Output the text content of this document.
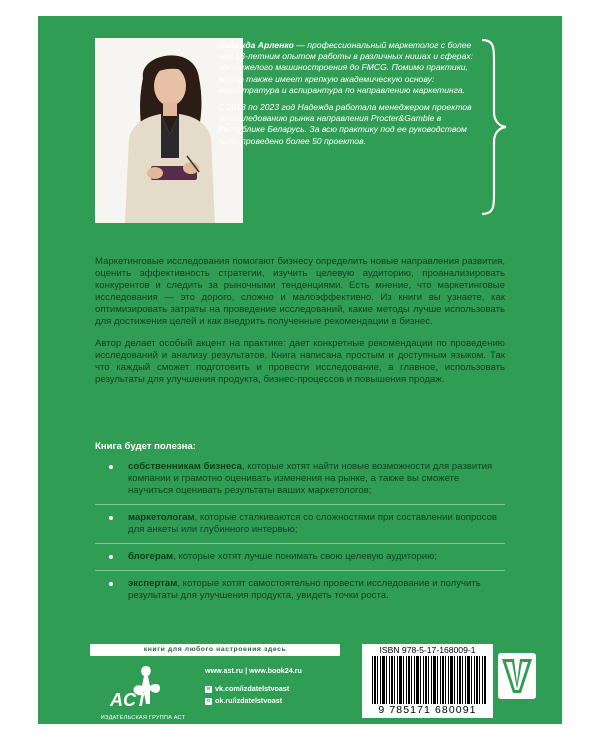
Надежда Арленко — профессиональный маркетолог с более чем 13-летним опытом работы в различных нишах и сферах: от тяжелого машиностроения до FMCG. Помимо практики, автор также имеет крепкую академическую основу: магистратура и аспирантура по направлению маркетинга.

С 2018 по 2023 год Надежда работала менеджером проектов по исследованию рынка направления Procter&Gamble в Республике Беларусь. За всю практику под ее руководством было проведено более 50 проектов.

Маркетинговые исследования помогают бизнесу определить новые направления развития, оценить эффективность стратегии, изучить целевую аудиторию, проанализировать конкурентов и следить за рыночными тенденциями. Есть мнение, что маркетинговые исследования — это дорого, сложно и малоэффективно. Из книги вы узнаете, как оптимизировать затраты на проведение исследований, какие методы лучше использовать для достижения целей и как внедрить полученные рекомендации в бизнес.

Автор делает особый акцент на практике: дает конкретные рекомендации по проведению исследований и анализу результатов. Книга написана простым и доступным языком. Так что каждый сможет подготовить и провести исследование, а главное, использовать результаты для улучшения продукта, бизнес-процессов и повышения продаж.

Книга будет полезна:
собственникам бизнеса, которые хотят найти новые возможности для развития компании и грамотно оценивать изменения на рынке, а также вы сможете научиться оценивать результаты ваших маркетологов;
маркетологам, которые сталкиваются со сложностями при составлении вопросов для анкеты или глубинного интервью;
блогерам, которые хотят лучше понимать свою целевую аудиторию;
экспертам, которые хотят самостоятельно провести исследование и получить результаты для улучшения продукта, увидеть точки роста.
книги для любого настроения здесь
ACT
ИЗДАТЕЛЬСКАЯ ГРУППА АСТ
www.ast.ru | www.book24.ru
в vk.com/izdatelstvoast
о ok.ru/izdatelstvoast
ISBN 978-5-17-168009-1
9 785171 680091
